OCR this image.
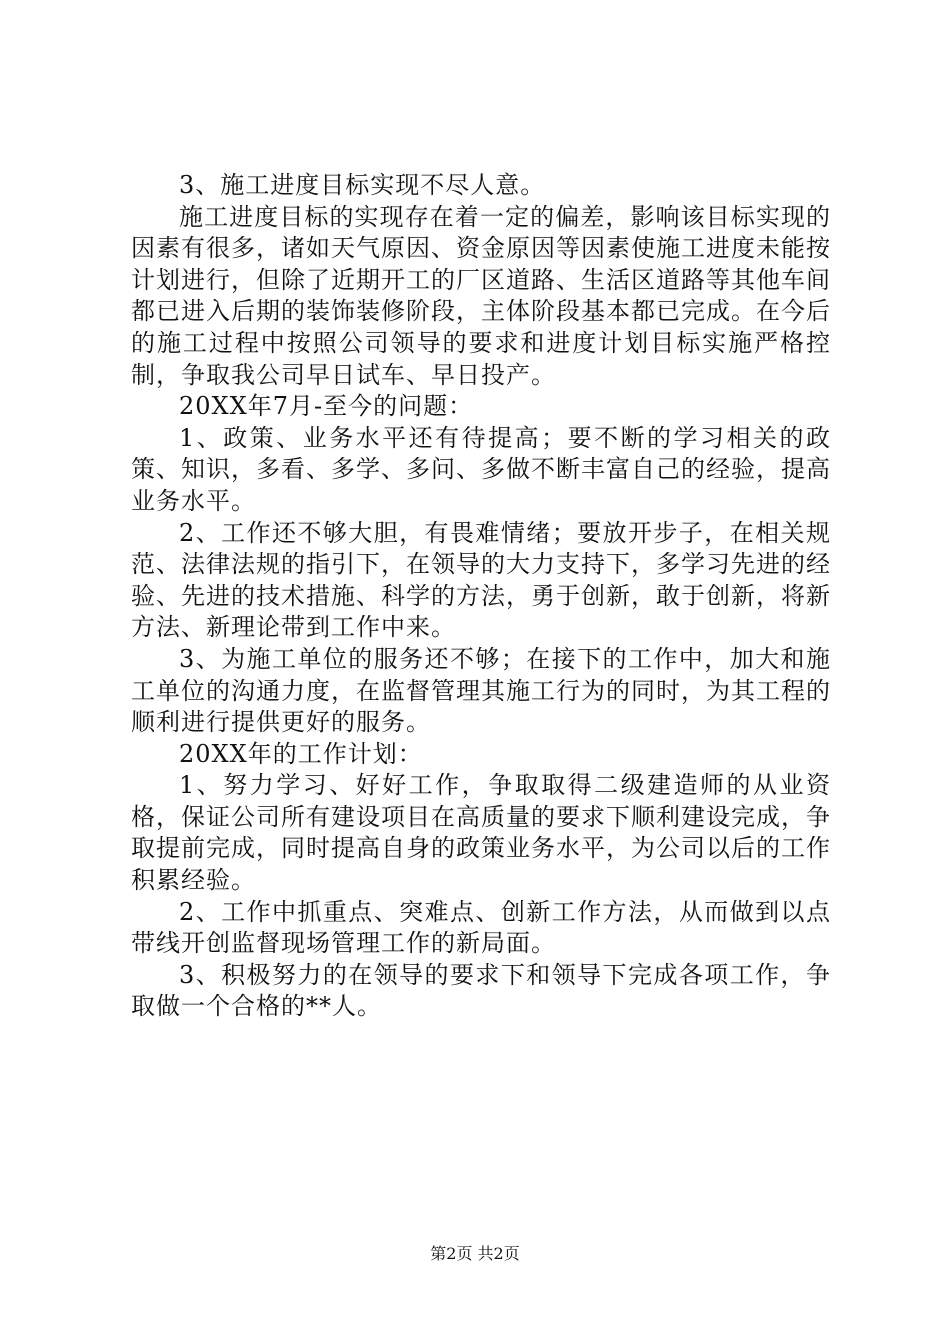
3、施工进度目标实现不尽人意。

施工进度目标的实现存在着一定的偏差，影响该目标实现的因素有很多，诸如天气原因、资金原因等因素使施工进度未能按计划进行，但除了近期开工的厂区道路、生活区道路等其他车间都已进入后期的装饰装修阶段，主体阶段基本都已完成。在今后的施工过程中按照公司领导的要求和进度计划目标实施严格控制，争取我公司早日试车、早日投产。

20XX年7月-至今的问题：

1、政策、业务水平还有待提高；要不断的学习相关的政策、知识，多看、多学、多问、多做不断丰富自己的经验，提高业务水平。

2、工作还不够大胆，有畏难情绪；要放开步子，在相关规范、法律法规的指引下，在领导的大力支持下，多学习先进的经验、先进的技术措施、科学的方法，勇于创新，敢于创新，将新方法、新理论带到工作中来。

3、为施工单位的服务还不够；在接下的工作中，加大和施工单位的沟通力度，在监督管理其施工行为的同时，为其工程的顺利进行提供更好的服务。

20XX年的工作计划：

1、努力学习、好好工作，争取取得二级建造师的从业资格，保证公司所有建设项目在高质量的要求下顺利建设完成，争取提前完成，同时提高自身的政策业务水平，为公司以后的工作积累经验。

2、工作中抓重点、突难点、创新工作方法，从而做到以点带线开创监督现场管理工作的新局面。

3、积极努力的在领导的要求下和领导下完成各项工作，争取做一个合格的**人。

第2页 共2页
